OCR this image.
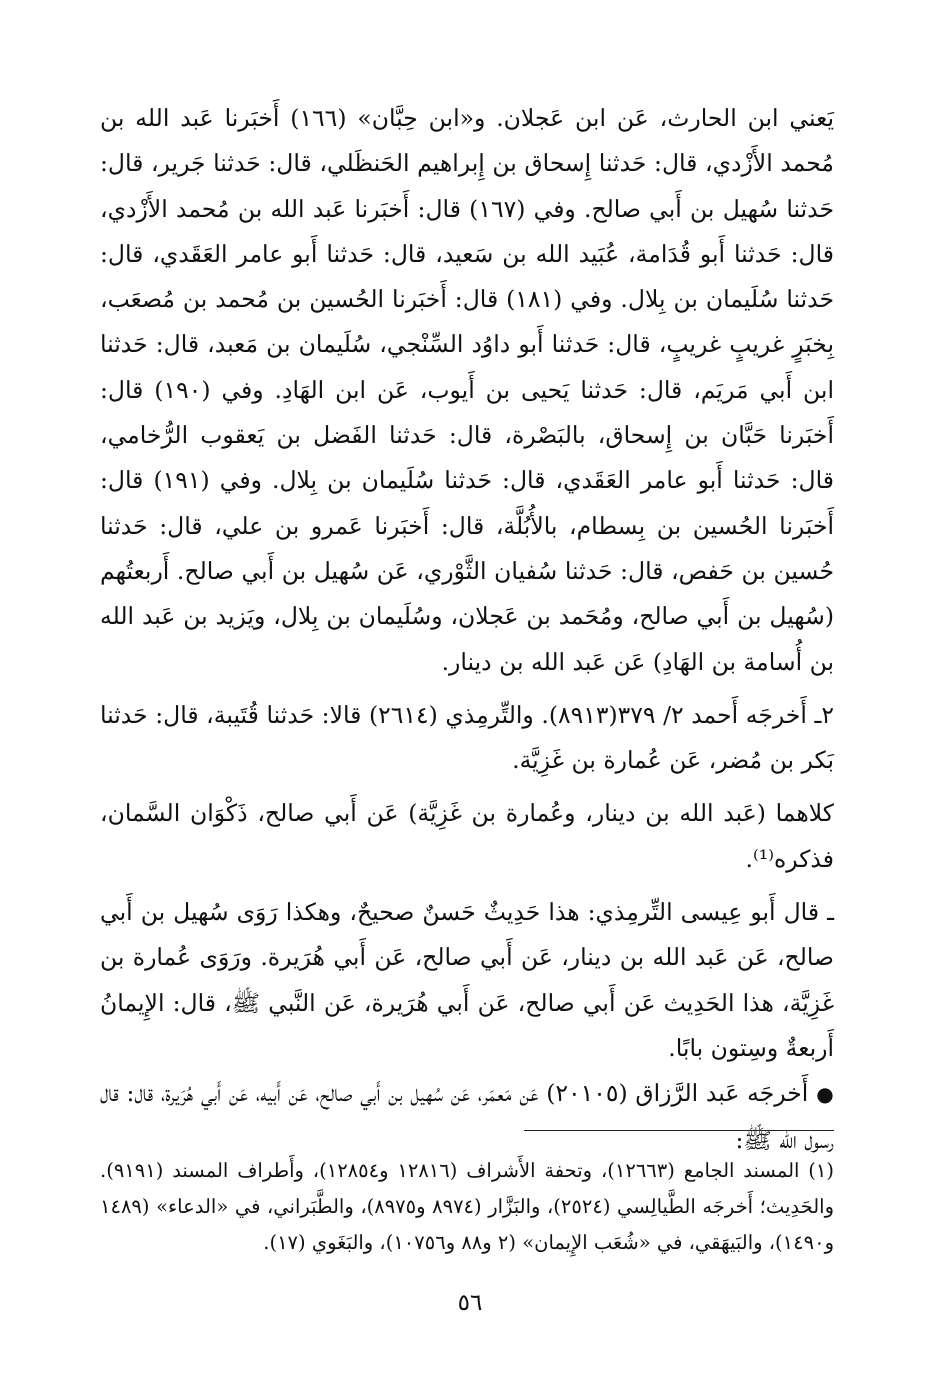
يَعني ابن الحارث، عَن ابن عَجلان. و«ابن حِبَّان» (١٦٦) أَخبَرنا عَبد الله بن مُحمد الأَزْدي، قال: حَدثنا إِسحاق بن إِبراهيم الحَنظَلي، قال: حَدثنا جَرير، قال: حَدثنا سُهيل بن أَبي صالح. وفي (١٦٧) قال: أَخبَرنا عَبد الله بن مُحمد الأَزْدي، قال: حَدثنا أَبو قُدَامة، عُبَيد الله بن سَعيد، قال: حَدثنا أَبو عامر العَقَدي، قال: حَدثنا سُلَيمان بن بِلال. وفي (١٨١) قال: أَخبَرنا الحُسين بن مُحمد بن مُصعَب، بِخبَرٍ غريبٍ غريبٍ، قال: حَدثنا أَبو داوُد السِّنْجي، سُلَيمان بن مَعبد، قال: حَدثنا ابن أَبي مَريَم، قال: حَدثنا يَحيى بن أَيوب، عَن ابن الهَادِ. وفي (١٩٠) قال: أَخبَرنا حَبَّان بن إِسحاق، بالبَصْرة، قال: حَدثنا الفَضل بن يَعقوب الرُّخامي، قال: حَدثنا أَبو عامر العَقَدي، قال: حَدثنا سُلَيمان بن بِلال. وفي (١٩١) قال: أَخبَرنا الحُسين بن بِسطام، بالأُبُلَّة، قال: أَخبَرنا عَمرو بن علي، قال: حَدثنا حُسين بن حَفص، قال: حَدثنا سُفيان الثَّوْري، عَن سُهيل بن أَبي صالح. أَربعتُهم (سُهيل بن أَبي صالح، ومُحَمد بن عَجلان، وسُلَيمان بن بِلال، ويَزيد بن عَبد الله بن أُسامة بن الهَادِ) عَن عَبد الله بن دينار.

٢ـ أَخرجَه أَحمد ٢/ ٣٧٩(٨٩١٣). والتِّرمِذي (٢٦١٤) قالا: حَدثنا قُتَيبة، قال: حَدثنا بَكر بن مُضر، عَن عُمارة بن غَزِيَّة.

كلاهما (عَبد الله بن دينار، وعُمارة بن غَزِيَّة) عَن أَبي صالح، ذَكْوَان السَّمان، فذكره⁽¹⁾.

ـ قال أَبو عِيسى التِّرمِذي: هذا حَدِيثٌ حَسنٌ صحيحٌ، وهكذا رَوَى سُهيل بن أَبي صالح، عَن عَبد الله بن دينار، عَن أَبي صالح، عَن أَبي هُرَيرة. ورَوَى عُمارة بن غَزِيَّة، هذا الحَدِيث عَن أَبي صالح، عَن أَبي هُرَيرة، عَن النَّبي ﷺ، قال: الإِيمانُ أَربعةٌ وسِتون بابًا.

●أَخرجَه عَبد الرَّزاق (٢٠١٠٥) عَن مَعمَر، عَن سُهيل بن أَبي صالح، عَن أَبيه، عَن أَبي هُرَيرة، قال: قال رسول الله ﷺ:

(١) المسند الجامع (١٢٦٦٣)، وتحفة الأَشراف (١٢٨١٦ و١٢٨٥٤)، وأَطراف المسند (٩١٩١). والحَدِيث؛ أَخرجَه الطَّيالِسي (٢٥٢٤)، والبَزَّار (٨٩٧٤ و٨٩٧٥)، والطَّبَراني، في «الدعاء» (١٤٨٩ و١٤٩٠)، والبَيهَقي، في «شُعَب الإِيمان» (٢ و٨٨ و١٠٧٥٦)، والبَغَوي (١٧).

٥٦
